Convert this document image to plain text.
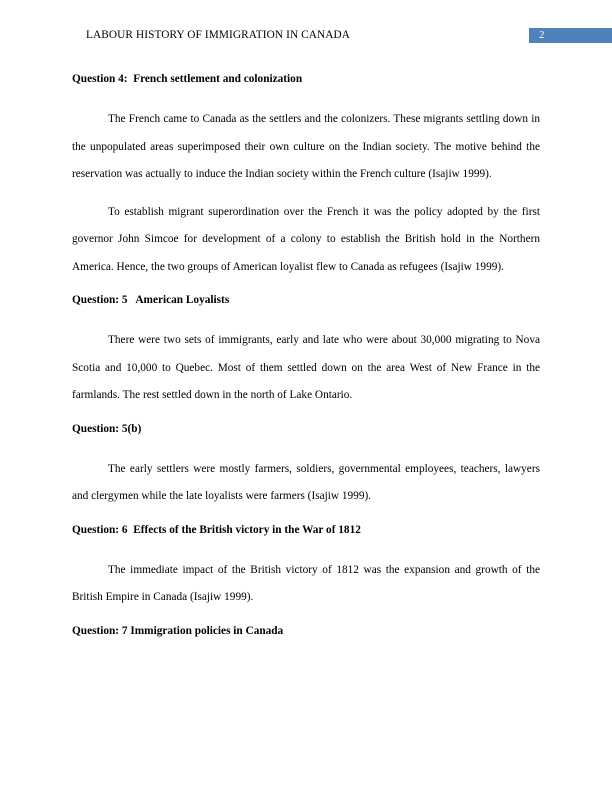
LABOUR HISTORY OF IMMIGRATION IN CANADA	2

Question 4:  French settlement and colonization

The French came to Canada as the settlers and the colonizers. These migrants settling down in the unpopulated areas superimposed their own culture on the Indian society. The motive behind the reservation was actually to induce the Indian society within the French culture (Isajiw 1999).

To establish migrant superordination over the French it was the policy adopted by the first governor John Simcoe for development of a colony to establish the British hold in the Northern America. Hence, the two groups of American loyalist flew to Canada as refugees (Isajiw 1999).

Question: 5   American Loyalists

There were two sets of immigrants, early and late who were about 30,000 migrating to Nova Scotia and 10,000 to Quebec. Most of them settled down on the area West of New France in the farmlands. The rest settled down in the north of Lake Ontario.

Question: 5(b)

The early settlers were mostly farmers, soldiers, governmental employees, teachers, lawyers and clergymen while the late loyalists were farmers (Isajiw 1999).

Question: 6  Effects of the British victory in the War of 1812

The immediate impact of the British victory of 1812 was the expansion and growth of the British Empire in Canada (Isajiw 1999).

Question: 7 Immigration policies in Canada
